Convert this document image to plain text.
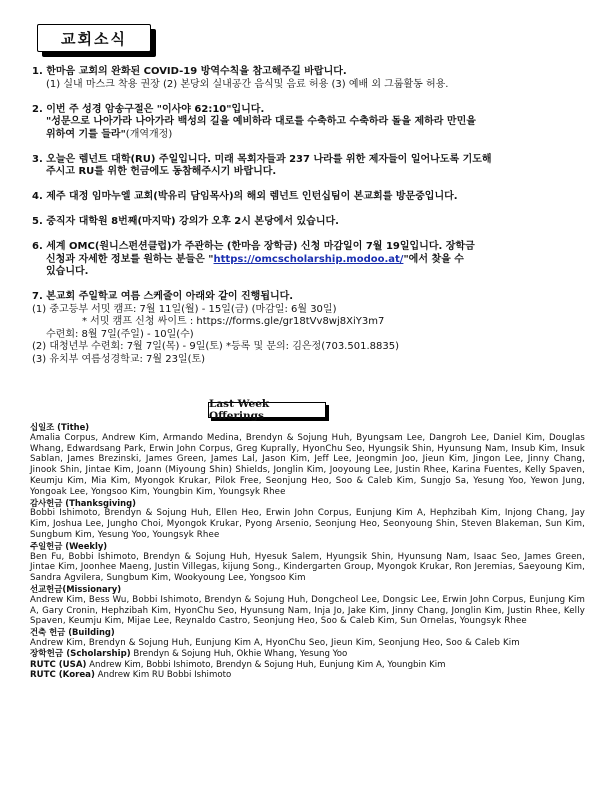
교회소식
1. 한마음 교회의 완화된 COVID-19 방역수칙을 참고해주길 바랍니다.
(1) 실내 마스크 착용 권장 (2) 본당외 실내공간 음식및 음료 허용 (3) 예배 외 그룹활동 허용.
2. 이번 주 성경 암송구절은 "이사야 62:10"입니다.
"성문으로 나아가라 나아가라 백성의 길을 예비하라 대로를 수축하고 수축하라 돌을 제하라 만민을
위하여 기를 들라"(개역개정)
3. 오늘은 렘넌트 대학(RU) 주일입니다. 미래 목회자들과 237 나라를 위한 제자들이 일어나도록 기도해
주시고 RU를 위한 헌금에도 동참해주시기 바랍니다.
4. 제주 대정 임마누엘 교회(박유리 담임목사)의 해외 렘넌트 인턴십팀이 본교회를 방문중입니다.
5. 중직자 대학원 8번째(마지막) 강의가 오후 2시 본당에서 있습니다.
6. 세계 OMC(원니스펀션클럽)가 주관하는 (한마음 장학금) 신청 마감일이 7월 19일입니다. 장학금
신청과 자세한 정보를 원하는 분들은 "https://omcscholarship.modoo.at/"에서 찾을 수
있습니다.
7. 본교회 주일학교 여름 스케줄이 아래와 같이 진행됩니다.
(1) 중고등부 서밋 캠프: 7월 11일(월) - 15일(금) (마감일: 6월 30일)
* 서밋 캠프 신청 싸이트 : https://forms.gle/gr18tVv8wj8XiY3m7
수련회: 8월 7일(주일) - 10일(수)
(2) 대청년부 수련회: 7월 7일(목) - 9일(토) *등록 및 문의: 김은정(703.501.8835)
(3) 유치부 여름성경학교: 7월 23일(토)
Last Week Offerings
십일조 (Tithe)
Amalia Corpus, Andrew Kim, Armando Medina, Brendyn & Sojung Huh, Byungsam Lee, Dangroh Lee, Daniel Kim, Douglas Whang, Edwardsang Park, Erwin John Corpus, Greg Kuprally, HyonChu Seo, Hyungsik Shin, Hyunsung Nam, Insub Kim, Insuk Sablan, James Brezinski, James Green, James Lal, Jason Kim, Jeff Lee, Jeongmin Joo, Jieun Kim, Jingon Lee, Jinny Chang, Jinook Shin, Jintae Kim, Joann (Miyoung Shin) Shields, Jonglin Kim, Jooyoung Lee, Justin Rhee, Karina Fuentes, Kelly Spaven, Keumju Kim, Mia Kim, Myongok Krukar, Pilok Free, Seonjung Heo, Soo & Caleb Kim, Sungjo Sa, Yesung Yoo, Yewon Jung, Yongoak Lee, Yongsoo Kim, Youngbin Kim, Youngsyk Rhee
감사헌금 (Thanksgiving)
Bobbi Ishimoto, Brendyn & Sojung Huh, Ellen Heo, Erwin John Corpus, Eunjung Kim A, Hephzibah Kim, Injong Chang, Jay Kim, Joshua Lee, Jungho Choi, Myongok Krukar, Pyong Arsenio, Seonjung Heo, Seonyoung Shin, Steven Blakeman, Sun Kim, Sungbum Kim, Yesung Yoo, Youngsyk Rhee
주일헌금 (Weekly)
Ben Fu, Bobbi Ishimoto, Brendyn & Sojung Huh, Hyesuk Salem, Hyungsik Shin, Hyunsung Nam, Isaac Seo, James Green, Jintae Kim, Joonhee Maeng, Justin Villegas, kijung Song., Kindergarten Group, Myongok Krukar, Ron Jeremias, Saeyoung Kim, Sandra Agvilera, Sungbum Kim, Wookyoung Lee, Yongsoo Kim
선교헌금(Missionary)
Andrew Kim, Bess Wu, Bobbi Ishimoto, Brendyn & Sojung Huh, Dongcheol Lee, Dongsic Lee, Erwin John Corpus, Eunjung Kim A, Gary Cronin, Hephzibah Kim, HyonChu Seo, Hyunsung Nam, Inja Jo, Jake Kim, Jinny Chang, Jonglin Kim, Justin Rhee, Kelly Spaven, Keumju Kim, Mijae Lee, Reynaldo Castro, Seonjung Heo, Soo & Caleb Kim, Sun Ornelas, Youngsyk Rhee
건축 헌금 (Building)
Andrew Kim, Brendyn & Sojung Huh, Eunjung Kim A, HyonChu Seo, Jieun Kim, Seonjung Heo, Soo & Caleb Kim
장학헌금 (Scholarship) Brendyn & Sojung Huh, Okhie Whang, Yesung Yoo
RUTC (USA) Andrew Kim, Bobbi Ishimoto, Brendyn & Sojung Huh, Eunjung Kim A, Youngbin Kim
RUTC (Korea) Andrew Kim RU Bobbi Ishimoto
